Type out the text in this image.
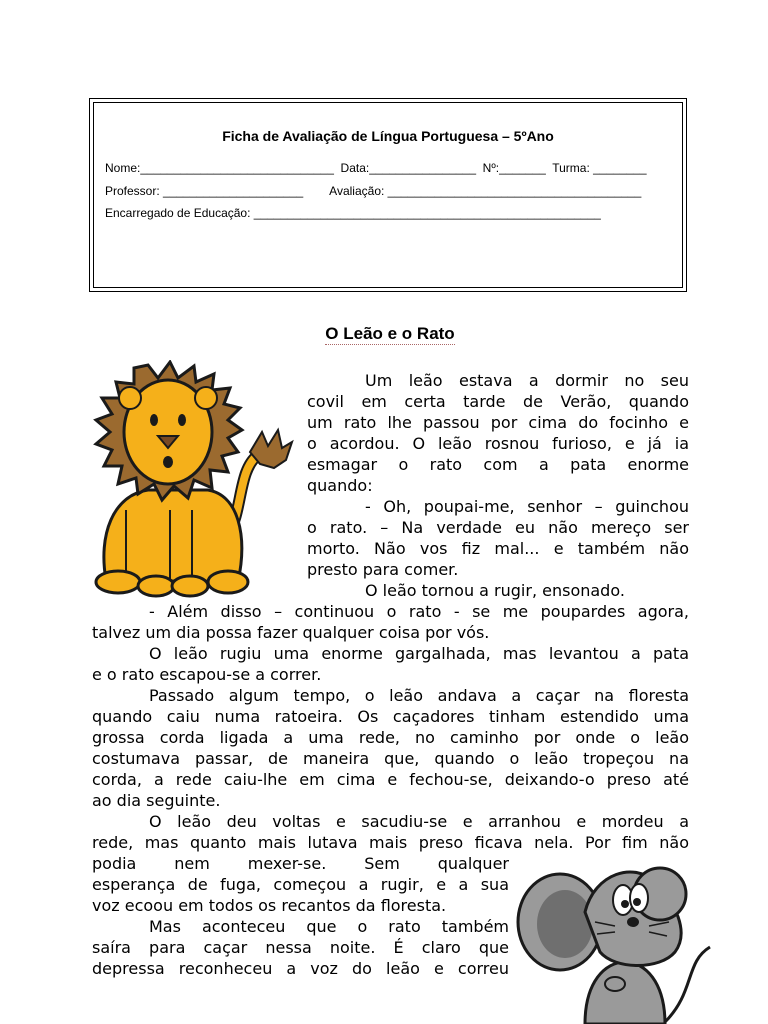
Ficha de Avaliação de Língua Portuguesa – 5ºAno
Nome:_____________________________  Data:________________  Nº:_______  Turma: ________
Professor: _____________________        Avaliação: ______________________________________
Encarregado de Educação: ____________________________________________________
O Leão e o Rato

Um leão estava a dormir no seu

covil em certa tarde de Verão, quando

um rato lhe passou por cima do focinho e

o acordou. O leão rosnou furioso, e já ia

esmagar o rato com a pata enorme

quando:

- Oh, poupai-me, senhor – guinchou

o rato. – Na verdade eu não mereço ser

morto. Não vos fiz mal... e também não

presto para comer.

O leão tornou a rugir, ensonado.

- Além disso – continuou o rato - se me poupardes agora,

talvez um dia possa fazer qualquer coisa por vós.

O leão rugiu uma enorme gargalhada, mas levantou a pata

e o rato escapou-se a correr.

Passado algum tempo, o leão andava a caçar na floresta

quando caiu numa ratoeira. Os caçadores tinham estendido uma

grossa corda ligada a uma rede, no caminho por onde o leão

costumava passar, de maneira que, quando o leão tropeçou na

corda, a rede caiu-lhe em cima e fechou-se, deixando-o preso até

ao dia seguinte.

O leão deu voltas e sacudiu-se e arranhou e mordeu a

rede, mas quanto mais lutava mais preso ficava nela. Por fim não

podia nem mexer-se. Sem qualquer

esperança de fuga, começou a rugir, e a sua

voz ecoou em todos os recantos da floresta.

Mas aconteceu que o rato também

saíra para caçar nessa noite. É claro que

depressa reconheceu a voz do leão e correu
